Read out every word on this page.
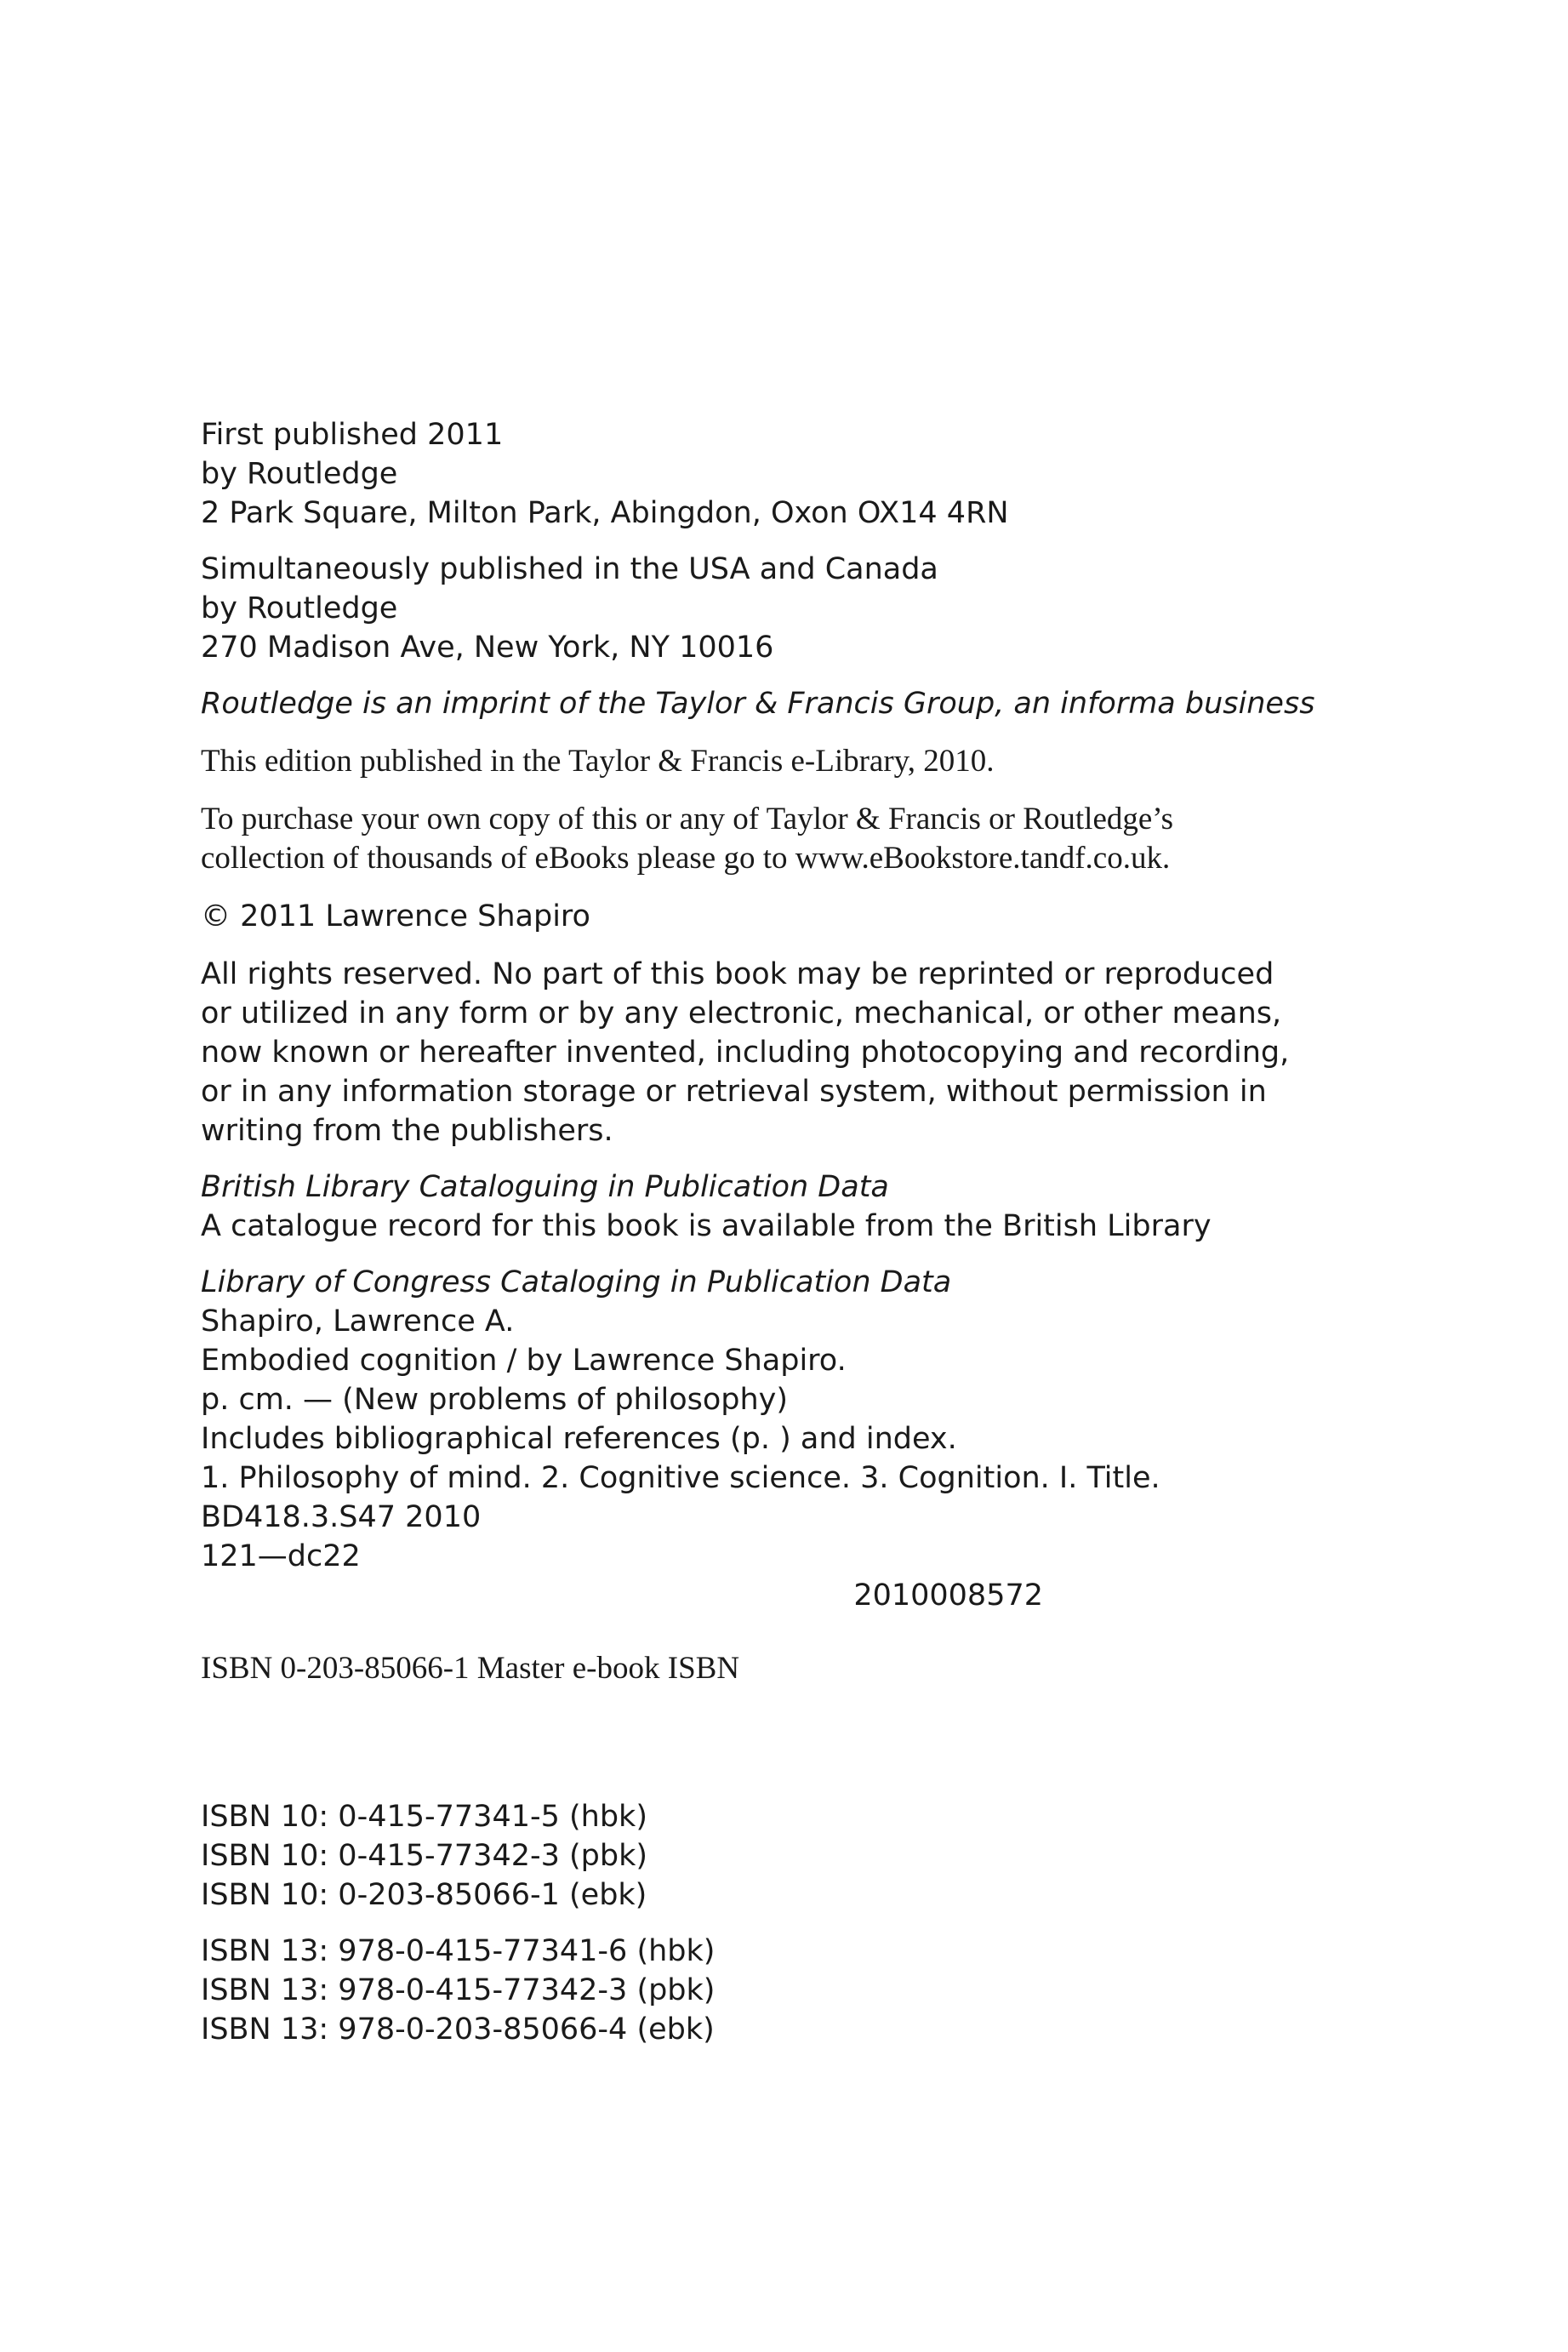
First published 2011
by Routledge
2 Park Square, Milton Park, Abingdon, Oxon OX14 4RN
Simultaneously published in the USA and Canada
by Routledge
270 Madison Ave, New York, NY 10016
Routledge is an imprint of the Taylor & Francis Group, an informa business
This edition published in the Taylor & Francis e-Library, 2010.
To purchase your own copy of this or any of Taylor & Francis or Routledge’s
collection of thousands of eBooks please go to www.eBookstore.tandf.co.uk.
© 2011 Lawrence Shapiro
All rights reserved. No part of this book may be reprinted or reproduced
or utilized in any form or by any electronic, mechanical, or other means,
now known or hereafter invented, including photocopying and recording,
or in any information storage or retrieval system, without permission in
writing from the publishers.
British Library Cataloguing in Publication Data
A catalogue record for this book is available from the British Library
Library of Congress Cataloging in Publication Data
Shapiro, Lawrence A.
Embodied cognition / by Lawrence Shapiro.
p. cm. — (New problems of philosophy)
Includes bibliographical references (p. ) and index.
1. Philosophy of mind. 2. Cognitive science. 3. Cognition. I. Title.
BD418.3.S47 2010
121—dc22
2010008572
ISBN 0-203-85066-1 Master e-book ISBN
ISBN 10: 0-415-77341-5 (hbk)
ISBN 10: 0-415-77342-3 (pbk)
ISBN 10: 0-203-85066-1 (ebk)
ISBN 13: 978-0-415-77341-6 (hbk)
ISBN 13: 978-0-415-77342-3 (pbk)
ISBN 13: 978-0-203-85066-4 (ebk)
